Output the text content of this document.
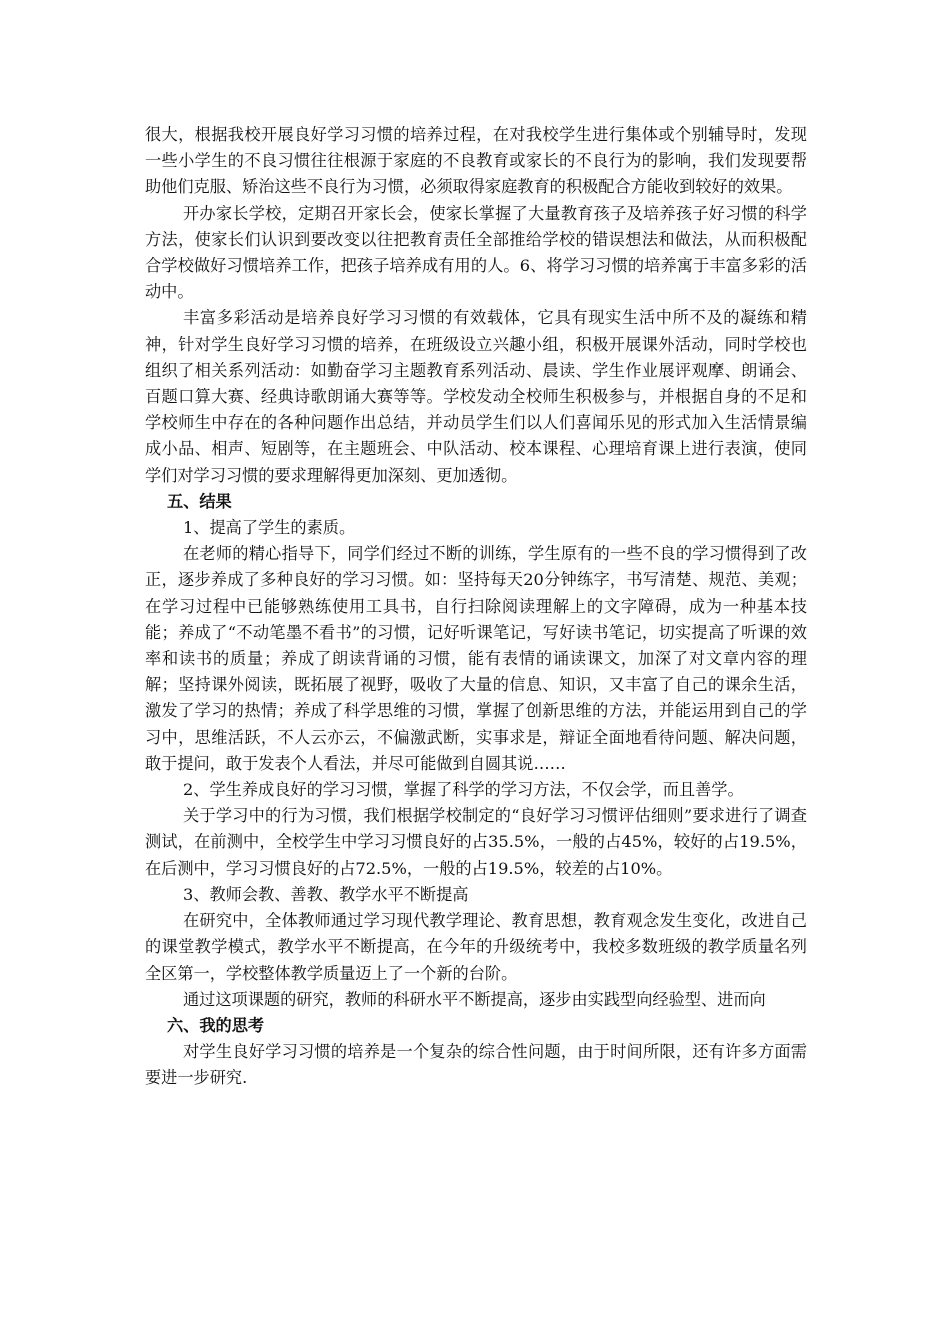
很大，根据我校开展良好学习习惯的培养过程，在对我校学生进行集体或个别辅导时，发现一些小学生的不良习惯往往根源于家庭的不良教育或家长的不良行为的影响，我们发现要帮助他们克服、矫治这些不良行为习惯，必须取得家庭教育的积极配合方能收到较好的效果。

开办家长学校，定期召开家长会，使家长掌握了大量教育孩子及培养孩子好习惯的科学方法，使家长们认识到要改变以往把教育责任全部推给学校的错误想法和做法，从而积极配合学校做好习惯培养工作，把孩子培养成有用的人。6、将学习习惯的培养寓于丰富多彩的活动中。

丰富多彩活动是培养良好学习习惯的有效载体，它具有现实生活中所不及的凝练和精神，针对学生良好学习习惯的培养，在班级设立兴趣小组，积极开展课外活动，同时学校也组织了相关系列活动：如勤奋学习主题教育系列活动、晨读、学生作业展评观摩、朗诵会、百题口算大赛、经典诗歌朗诵大赛等等。学校发动全校师生积极参与，并根据自身的不足和学校师生中存在的各种问题作出总结，并动员学生们以人们喜闻乐见的形式加入生活情景编成小品、相声、短剧等，在主题班会、中队活动、校本课程、心理培育课上进行表演，使同学们对学习习惯的要求理解得更加深刻、更加透彻。

五、结果

1、提高了学生的素质。

在老师的精心指导下，同学们经过不断的训练，学生原有的一些不良的学习惯得到了改正，逐步养成了多种良好的学习习惯。如：坚持每天20分钟练字，书写清楚、规范、美观；在学习过程中已能够熟练使用工具书，自行扫除阅读理解上的文字障碍，成为一种基本技能；养成了“不动笔墨不看书”的习惯，记好听课笔记，写好读书笔记，切实提高了听课的效率和读书的质量；养成了朗读背诵的习惯，能有表情的诵读课文，加深了对文章内容的理解；坚持课外阅读，既拓展了视野，吸收了大量的信息、知识，又丰富了自己的课余生活，激发了学习的热情；养成了科学思维的习惯，掌握了创新思维的方法，并能运用到自己的学习中，思维活跃，不人云亦云，不偏激武断，实事求是，辩证全面地看待问题、解决问题，敢于提问，敢于发表个人看法，并尽可能做到自圆其说……

2、学生养成良好的学习习惯，掌握了科学的学习方法，不仅会学，而且善学。

关于学习中的行为习惯，我们根据学校制定的“良好学习习惯评估细则”要求进行了调查测试，在前测中，全校学生中学习习惯良好的占35.5%，一般的占45%，较好的占19.5%，在后测中，学习习惯良好的占72.5%，一般的占19.5%，较差的占10%。

3、教师会教、善教、教学水平不断提高

在研究中，全体教师通过学习现代教学理论、教育思想，教育观念发生变化，改进自己的课堂教学模式，教学水平不断提高，在今年的升级统考中，我校多数班级的教学质量名列全区第一，学校整体教学质量迈上了一个新的台阶。

通过这项课题的研究，教师的科研水平不断提高，逐步由实践型向经验型、进而向

六、我的思考

对学生良好学习习惯的培养是一个复杂的综合性问题，由于时间所限，还有许多方面需要进一步研究.
